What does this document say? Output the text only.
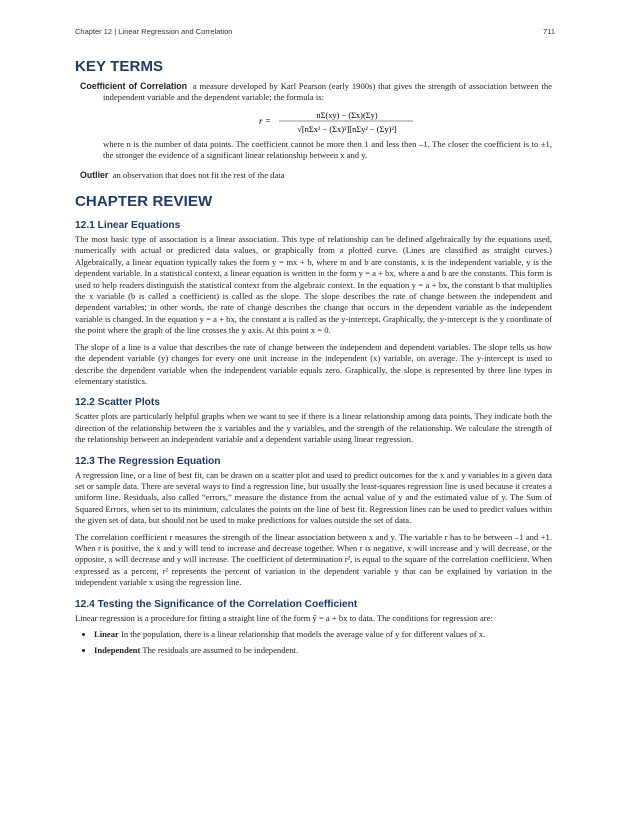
Chapter 12 | Linear Regression and Correlation	711
KEY TERMS

Coefficient of Correlation a measure developed by Karl Pearson (early 1900s) that gives the strength of association between the independent variable and the dependent variable; the formula is:

r =
nΣ(xy) − (Σx)(Σy)
√[nΣx² − (Σx)²][nΣy² − (Σy)²]

where n is the number of data points. The coefficient cannot be more then 1 and less then –1. The closer the coefficient is to ±1, the stronger the evidence of a significant linear relationship between x and y.

Outlier an observation that does not fit the rest of the data

CHAPTER REVIEW
12.1 Linear Equations

The most basic type of association is a linear association. This type of relationship can be defined algebraically by the equations used, numerically with actual or predicted data values, or graphically from a plotted curve. (Lines are classified as straight curves.) Algebraically, a linear equation typically takes the form y = mx + b, where m and b are constants, x is the independent variable, y is the dependent variable. In a statistical context, a linear equation is written in the form y = a + bx, where a and b are the constants. This form is used to help readers distinguish the statistical context from the algebraic context. In the equation y = a + bx, the constant b that multiplies the x variable (b is called a coefficient) is called as the slope. The slope describes the rate of change between the independent and dependent variables; in other words, the rate of change describes the change that occurs in the dependent variable as the independent variable is changed. In the equation y = a + bx, the constant a is called as the y-intercept. Graphically, the y-intercept is the y coordinate of the point where the graph of the line crosses the y axis. At this point x = 0.

The slope of a line is a value that describes the rate of change between the independent and dependent variables. The slope tells us how the dependent variable (y) changes for every one unit increase in the independent (x) variable, on average. The y-intercept is used to describe the dependent variable when the independent variable equals zero. Graphically, the slope is represented by three line types in elementary statistics.

12.2 Scatter Plots

Scatter plots are particularly helpful graphs when we want to see if there is a linear relationship among data points. They indicate both the direction of the relationship between the x variables and the y variables, and the strength of the relationship. We calculate the strength of the relationship between an independent variable and a dependent variable using linear regression.

12.3 The Regression Equation

A regression line, or a line of best fit, can be drawn on a scatter plot and used to predict outcomes for the x and y variables in a given data set or sample data. There are several ways to find a regression line, but usually the least-squares regression line is used because it creates a uniform line. Residuals, also called “errors,” measure the distance from the actual value of y and the estimated value of y. The Sum of Squared Errors, when set to its minimum, calculates the points on the line of best fit. Regression lines can be used to predict values within the given set of data, but should not be used to make predictions for values outside the set of data.

The correlation coefficient r measures the strength of the linear association between x and y. The variable r has to be between –1 and +1. When r is positive, the x and y will tend to increase and decrease together. When r is negative, x will increase and y will decrease, or the opposite, x will decrease and y will increase. The coefficient of determination r², is equal to the square of the correlation coefficient. When expressed as a percent, r² represents the percent of variation in the dependent variable y that can be explained by variation in the independent variable x using the regression line.

12.4 Testing the Significance of the Correlation Coefficient

Linear regression is a procedure for fitting a straight line of the form ŷ = a + bx to data. The conditions for regression are:

• Linear In the population, there is a linear relationship that models the average value of y for different values of x.
• Independent The residuals are assumed to be independent.
